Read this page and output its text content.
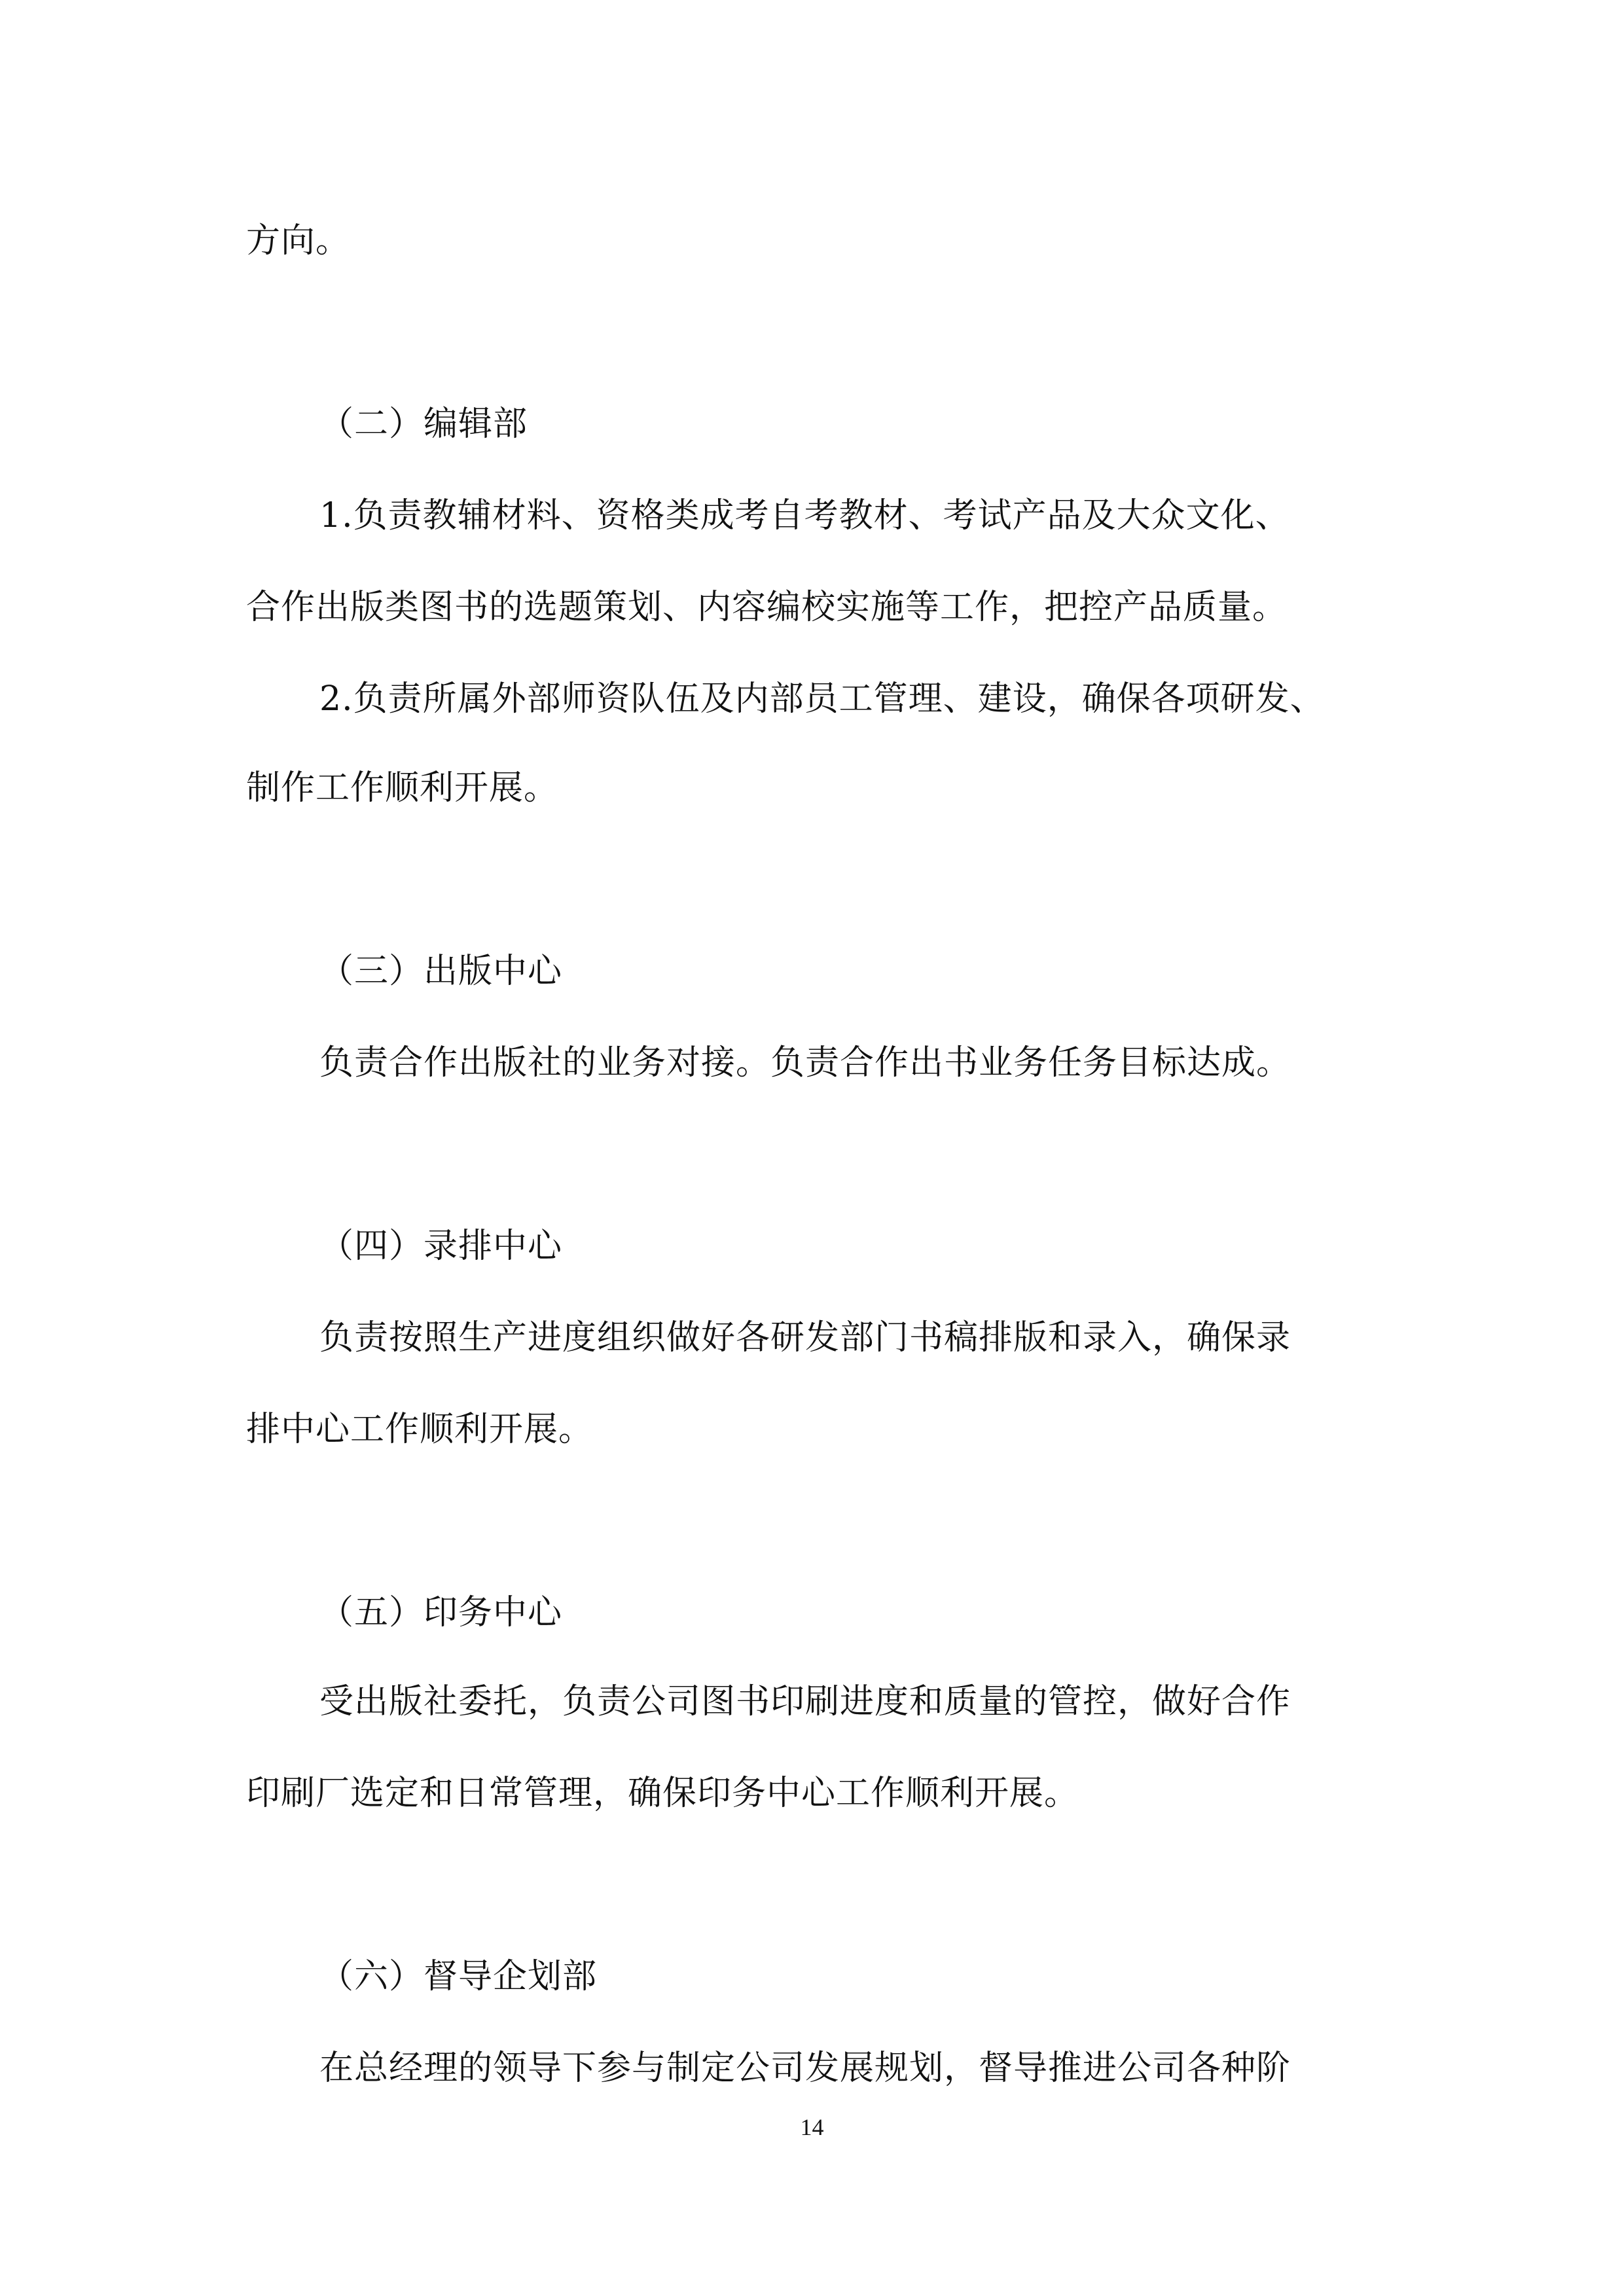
方向。
（二）编辑部
1.负责教辅材料、资格类成考自考教材、考试产品及大众文化、
合作出版类图书的选题策划、内容编校实施等工作，把控产品质量。
2.负责所属外部师资队伍及内部员工管理、建设，确保各项研发、
制作工作顺利开展。
（三）出版中心
负责合作出版社的业务对接。负责合作出书业务任务目标达成。
（四）录排中心
负责按照生产进度组织做好各研发部门书稿排版和录入，确保录
排中心工作顺利开展。
（五）印务中心
受出版社委托，负责公司图书印刷进度和质量的管控，做好合作
印刷厂选定和日常管理，确保印务中心工作顺利开展。
（六）督导企划部
在总经理的领导下参与制定公司发展规划，督导推进公司各种阶
14
